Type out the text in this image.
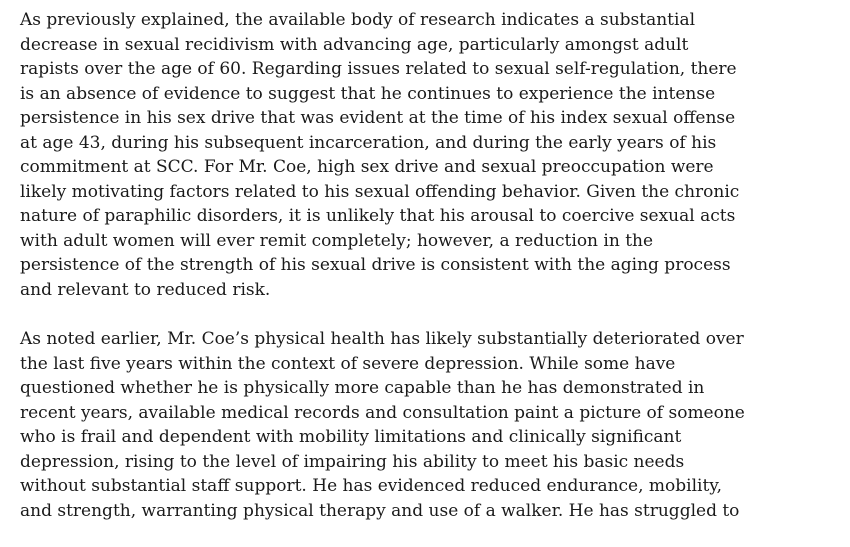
As previously explained, the available body of research indicates a substantial
decrease in sexual recidivism with advancing age, particularly amongst adult
rapists over the age of 60. Regarding issues related to sexual self-regulation, there
is an absence of evidence to suggest that he continues to experience the intense
persistence in his sex drive that was evident at the time of his index sexual offense
at age 43, during his subsequent incarceration, and during the early years of his
commitment at SCC. For Mr. Coe, high sex drive and sexual preoccupation were
likely motivating factors related to his sexual offending behavior. Given the chronic
nature of paraphilic disorders, it is unlikely that his arousal to coercive sexual acts
with adult women will ever remit completely; however, a reduction in the
persistence of the strength of his sexual drive is consistent with the aging process
and relevant to reduced risk.

As noted earlier, Mr. Coe’s physical health has likely substantially deteriorated over
the last five years within the context of severe depression. While some have
questioned whether he is physically more capable than he has demonstrated in
recent years, available medical records and consultation paint a picture of someone
who is frail and dependent with mobility limitations and clinically significant
depression, rising to the level of impairing his ability to meet his basic needs
without substantial staff support. He has evidenced reduced endurance, mobility,
and strength, warranting physical therapy and use of a walker. He has struggled to
